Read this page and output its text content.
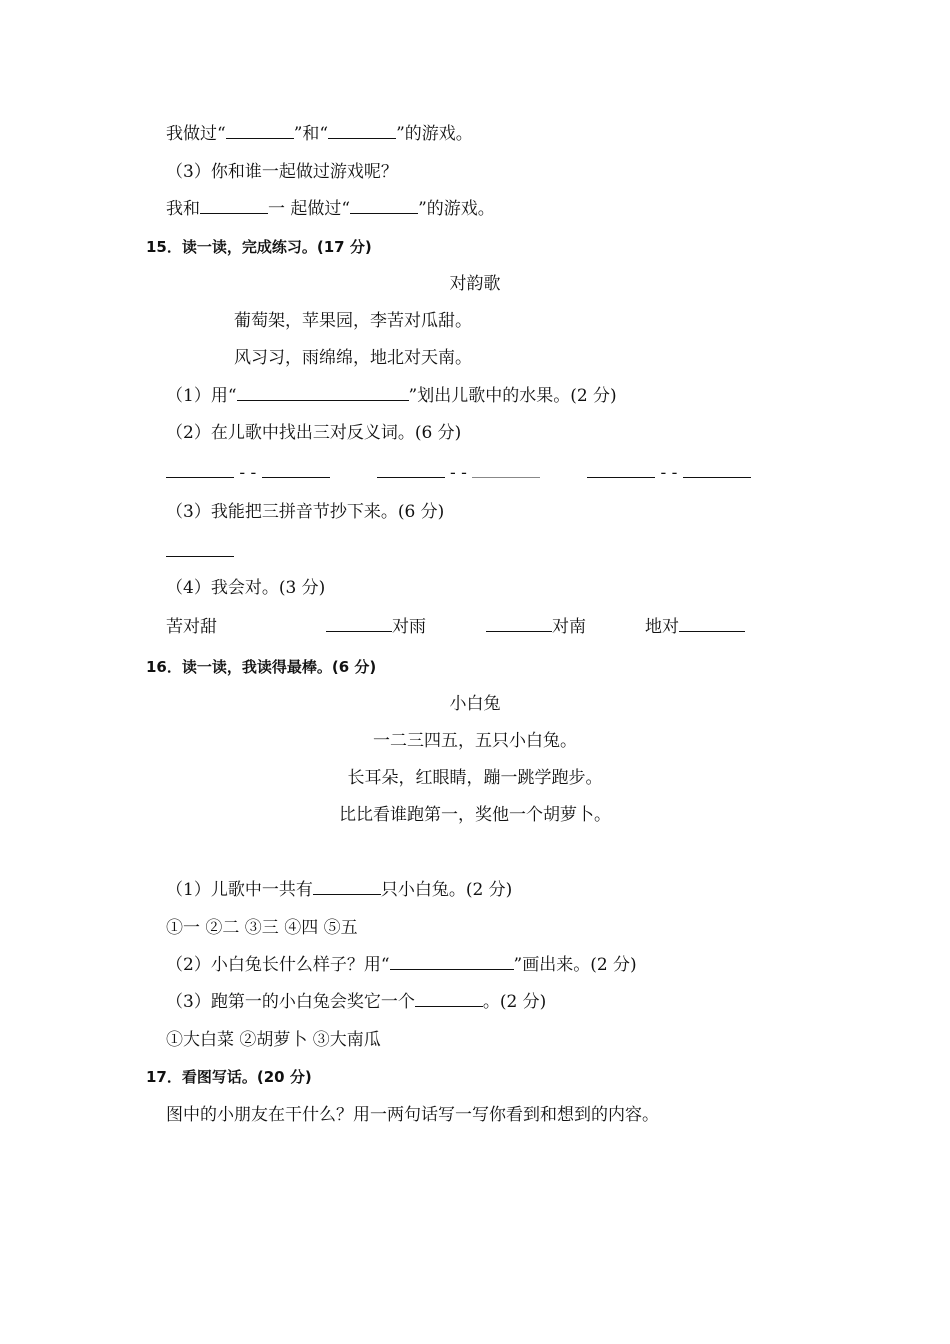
我做过“	”和“	”的游戏。
（3）你和谁一起做过游戏呢？
我和	一 起做过“	”的游戏。
15．读一读，完成练习。(17 分)
对韵歌
葡萄架，苹果园，李苦对瓜甜。
风习习，雨绵绵，地北对天南。
（1）用“	”划出儿歌中的水果。(2 分)
（2）在儿歌中找出三对反义词。(6 分)
- -	- -	- -
（3）我能把三拼音节抄下来。(6 分)
（4）我会对。(3 分)
苦对甜	对雨	对南	地对
16．读一读，我读得最棒。(6 分)
小白兔
一二三四五，五只小白兔。
长耳朵，红眼睛，蹦一跳学跑步。
比比看谁跑第一，奖他一个胡萝卜。
（1）儿歌中一共有	只小白兔。(2 分)
①一 ②二 ③三 ④四 ⑤五
（2）小白兔长什么样子？用“	”画出来。(2 分)
（3）跑第一的小白兔会奖它一个	。(2 分)
①大白菜 ②胡萝卜 ③大南瓜
17．看图写话。(20 分)
图中的小朋友在干什么？用一两句话写一写你看到和想到的内容。
